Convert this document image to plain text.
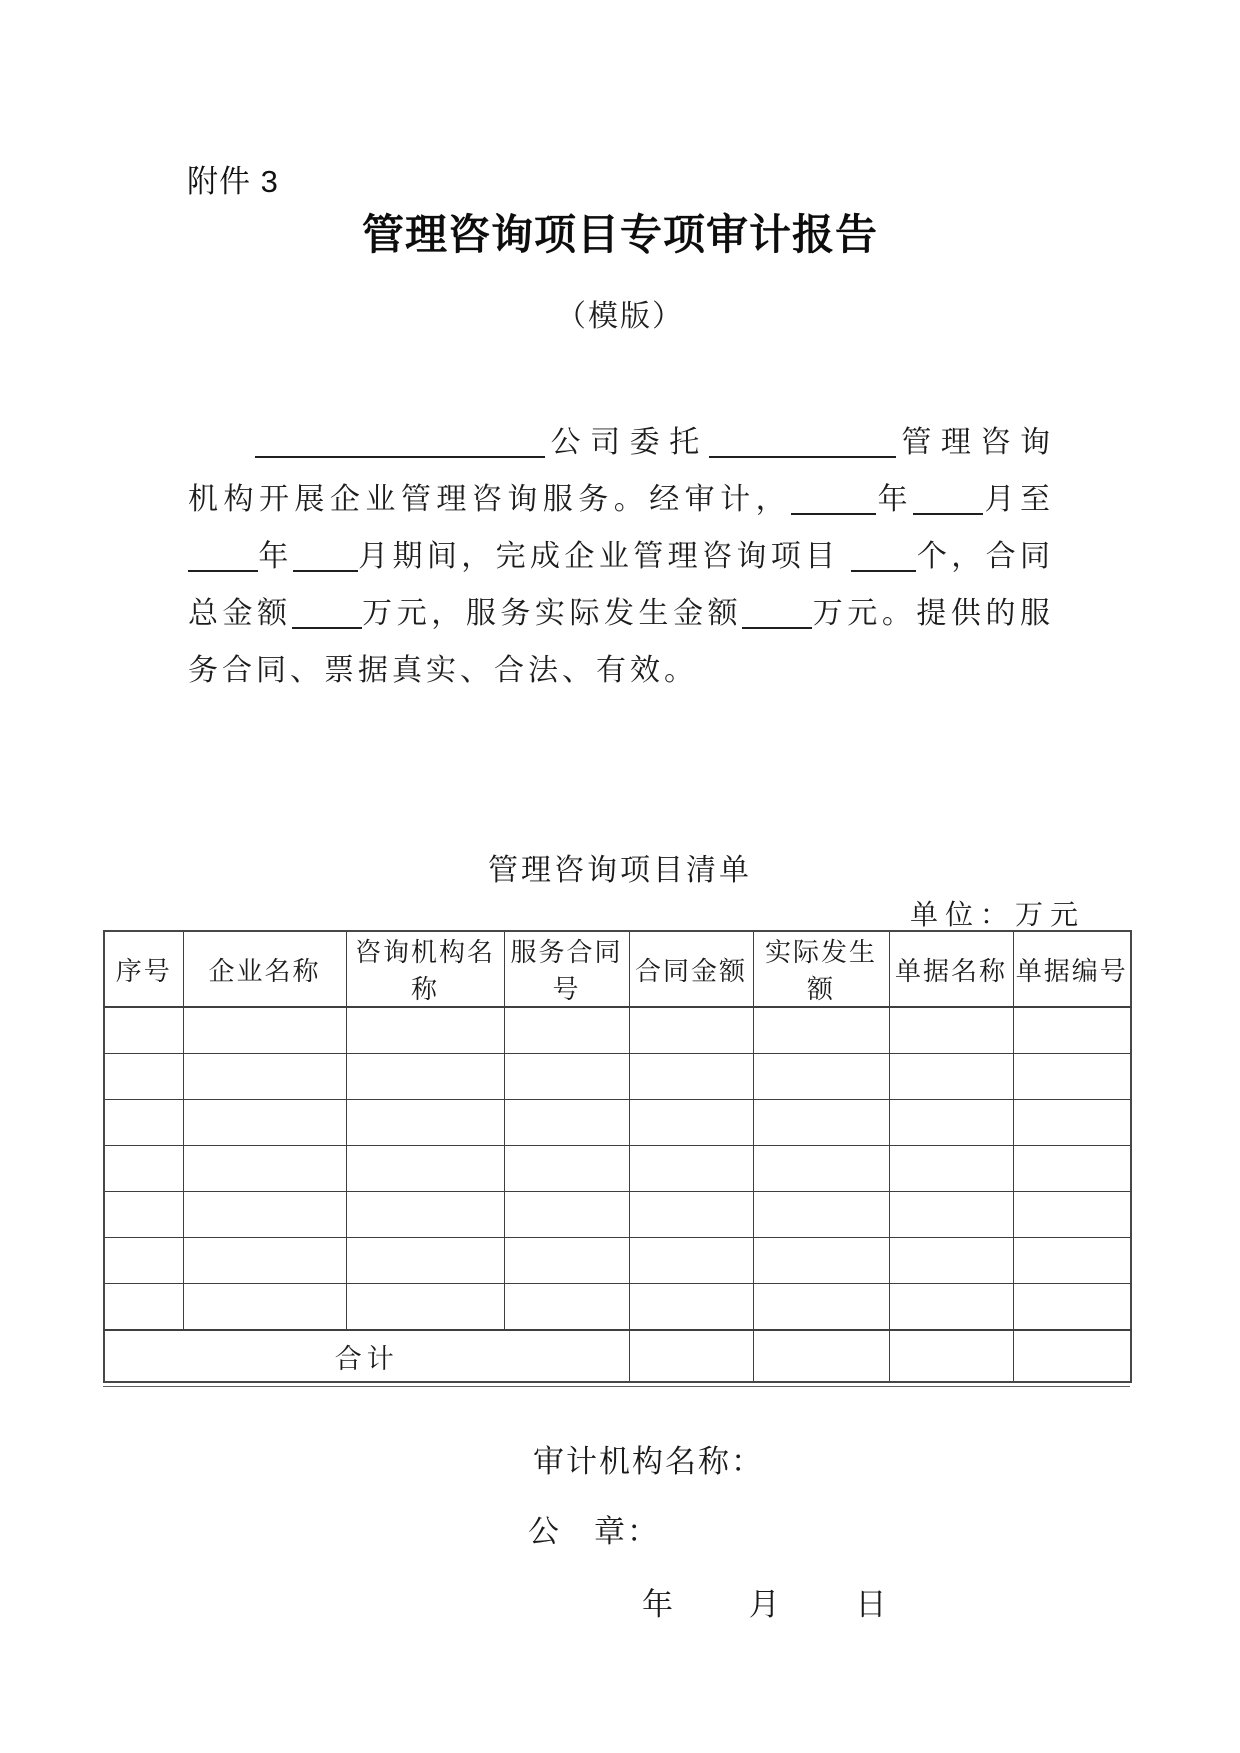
附件 3
管理咨询项目专项审计报告
（模版）
公司委托	管理咨询
机构开展企业管理咨询服务。经审计，	年 月至
年 月期间，完成企业管理咨询项目	个，合同
总金额 万元，服务实际发生金额 万元。提供的服
务合同、票据真实、合法、有效。
管理咨询项目清单
单位：万元
序号	企业名称	咨询机构名称	服务合同号	合同金额	实际发生额	单据名称	单据编号

合计							
审计机构名称：
公　章：
年 月 日
